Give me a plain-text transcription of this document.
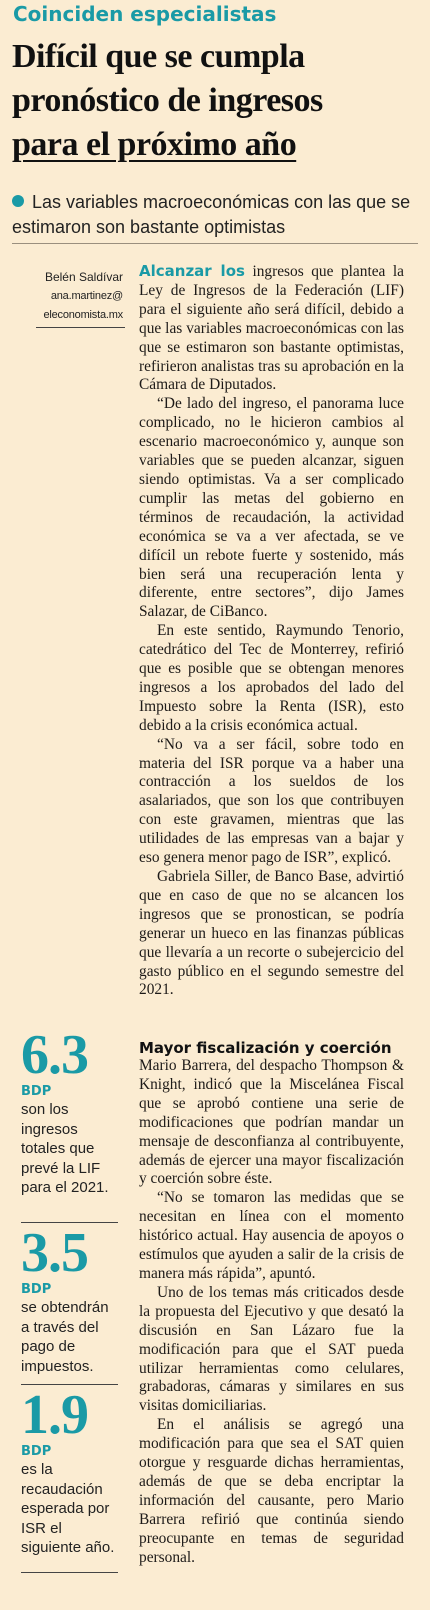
Coinciden especialistas
Difícil que se cumpla
pronóstico de ingresos
para el próximo año
Las variables macroeconómicas con las que se estimaron son bastante optimistas
Belén Saldívar
ana.martinez@
eleconomista.mx

Alcanzar los ingresos que plantea la Ley de Ingresos de la Federación (LIF) para el siguiente año será difícil, debido a que las variables macroeconómicas con las que se estimaron son bastante optimistas, refirieron analistas tras su aprobación en la Cámara de Diputados.

“De lado del ingreso, el panorama luce complicado, no le hicieron cambios al escenario macroeconómico y, aunque son variables que se pueden alcanzar, siguen siendo optimistas. Va a ser complicado cumplir las metas del gobierno en términos de recaudación, la actividad económica se va a ver afectada, se ve difícil un rebote fuerte y sostenido, más bien será una recuperación lenta y diferente, entre sectores”, dijo James Salazar, de CiBanco.

En este sentido, Raymundo Tenorio, catedrático del Tec de Monterrey, refirió que es posible que se obtengan menores ingresos a los aprobados del lado del Impuesto sobre la Renta (ISR), esto debido a la crisis económica actual.

“No va a ser fácil, sobre todo en materia del ISR porque va a haber una contracción a los sueldos de los asalariados, que son los que contribuyen con este gravamen, mientras que las utilidades de las empresas van a bajar y eso genera menor pago de ISR”, explicó.

Gabriela Siller, de Banco Base, advirtió que en caso de que no se alcancen los ingresos que se pronostican, se podría generar un hueco en las finanzas públicas que llevaría a un recorte o subejercicio del gasto público en el segundo semestre del 2021.

Mayor fiscalización y coerción

Mario Barrera, del despacho Thompson & Knight, indicó que la Miscelánea Fiscal que se aprobó contiene una serie de modificaciones que podrían mandar un mensaje de desconfianza al contribuyente, además de ejercer una mayor fiscalización y coerción sobre éste.

“No se tomaron las medidas que se necesitan en línea con el momento histórico actual. Hay ausencia de apoyos o estímulos que ayuden a salir de la crisis de manera más rápida”, apuntó.

Uno de los temas más criticados desde la propuesta del Ejecutivo y que desató la discusión en San Lázaro fue la modificación para que el SAT pueda utilizar herramientas como celulares, grabadoras, cámaras y similares en sus visitas domiciliarias.

En el análisis se agregó una modificación para que sea el SAT quien otorgue y resguarde dichas herramientas, además de que se deba encriptar la información del causante, pero Mario Barrera refirió que continúa siendo preocupante en temas de seguridad personal.

6.3
BDP
son los ingresos totales que prevé la LIF para el 2021.
3.5
BDP
se obtendrán a través del pago de impuestos.
1.9
BDP
es la recaudación esperada por ISR el siguiente año.
